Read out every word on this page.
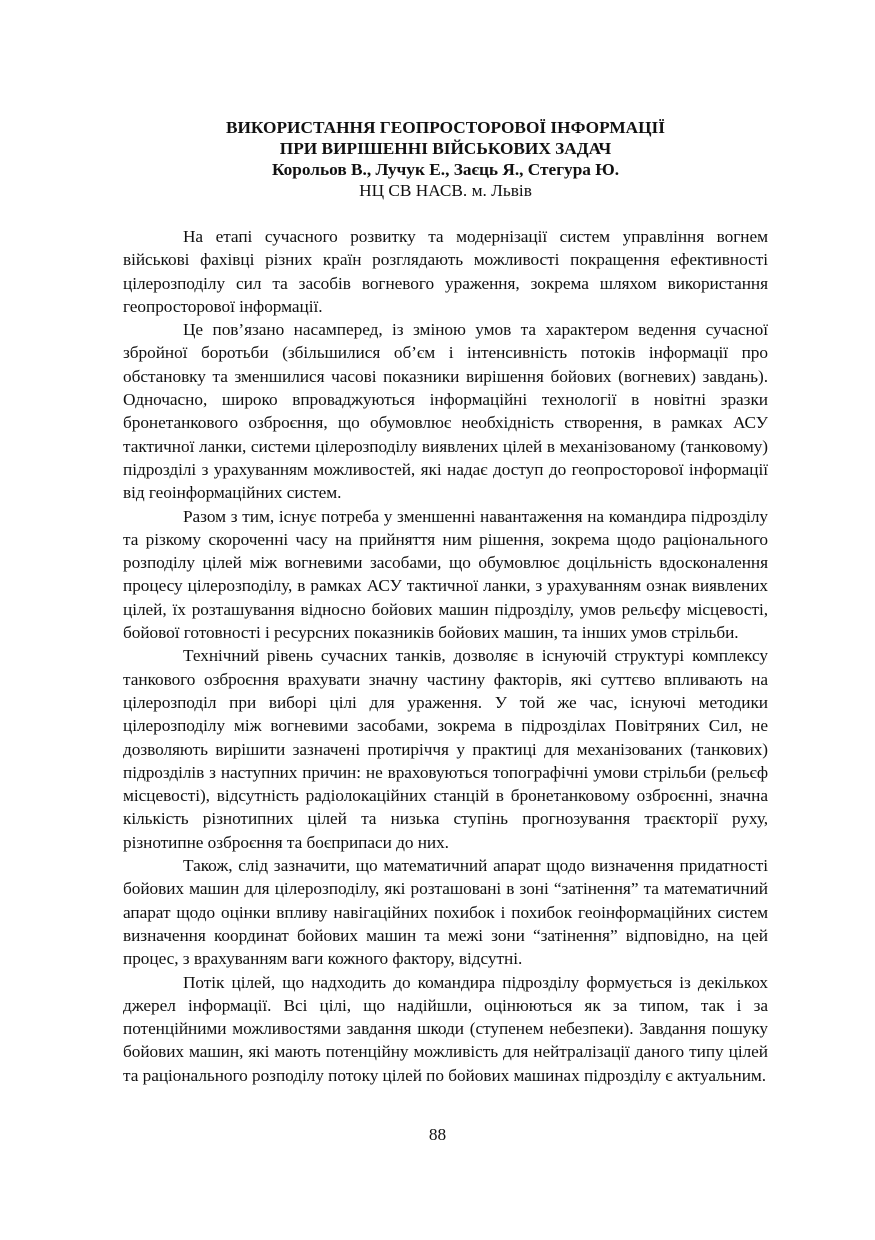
ВИКОРИСТАННЯ ГЕОПРОСТОРОВОЇ ІНФОРМАЦІЇ

ПРИ ВИРІШЕННІ ВІЙСЬКОВИХ ЗАДАЧ

Корольов В., Лучук Е., Заєць Я., Стегура Ю.

НЦ СВ НАСВ. м. Львів

На етапі сучасного розвитку та модернізації систем управління вогнем військові фахівці різних країн розглядають можливості покращення ефективності цілерозподілу сил та засобів вогневого ураження, зокрема шляхом використання геопросторової інформації.

Це пов’язано насамперед, із зміною умов та характером ведення сучасної збройної боротьби (збільшилися об’єм і інтенсивність потоків інформації про обстановку та зменшилися часові показники вирішення бойових (вогневих) завдань). Одночасно, широко впроваджуються інформаційні технології в новітні зразки бронетанкового озброєння, що обумовлює необхідність створення, в рамках АСУ тактичної ланки, системи цілерозподілу виявлених цілей в механізованому (танковому) підрозділі з урахуванням можливостей, які надає доступ до геопросторової інформації від геоінформаційних систем.

Разом з тим, існує потреба у зменшенні навантаження на командира підрозділу та різкому скороченні часу на прийняття ним рішення, зокрема щодо раціонального розподілу цілей між вогневими засобами, що обумовлює доцільність вдосконалення процесу цілерозподілу, в рамках АСУ тактичної ланки, з урахуванням ознак виявлених цілей, їх розташування відносно бойових машин підрозділу, умов рельєфу місцевості, бойової готовності і ресурсних показників бойових машин, та інших умов стрільби.

Технічний рівень сучасних танків, дозволяє в існуючій структурі комплексу танкового озброєння врахувати значну частину факторів, які суттєво впливають на цілерозподіл при виборі цілі для ураження. У той же час, існуючі методики цілерозподілу між вогневими засобами, зокрема в підрозділах Повітряних Сил, не дозволяють вирішити зазначені протиріччя у практиці для механізованих (танкових) підрозділів з наступних причин: не враховуються топографічні умови стрільби (рельєф місцевості), відсутність радіолокаційних станцій в бронетанковому озброєнні, значна кількість різнотипних цілей та низька ступінь прогнозування траєкторії руху, різнотипне озброєння та боєприпаси до них.

Також, слід зазначити, що математичний апарат щодо визначення придатності бойових машин для цілерозподілу, які розташовані в зоні “затінення” та математичний апарат щодо оцінки впливу навігаційних похибок і похибок геоінформаційних систем визначення координат бойових машин та межі зони “затінення” відповідно, на цей процес, з врахуванням ваги кожного фактору, відсутні.

Потік цілей, що надходить до командира підрозділу формується із декількох джерел інформації. Всі цілі, що надійшли, оцінюються як за типом, так і за потенційними можливостями завдання шкоди (ступенем небезпеки). Завдання пошуку бойових машин, які мають потенційну можливість для нейтралізації даного типу цілей та раціонального розподілу потоку цілей по бойових машинах підрозділу є актуальним.

88
